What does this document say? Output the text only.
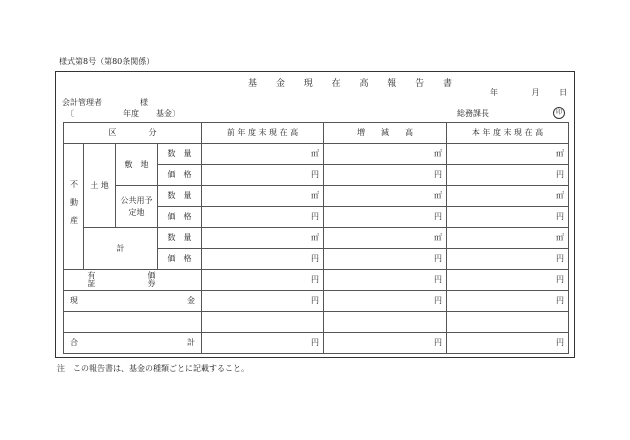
様式第8号（第80条関係）
基 金 現 在 高 報 告 書
年	月 日
会計管理者	様
〔	年度 基金〕	総務課長	印
区　　　　分				前 年 度 末 現 在 高	増　　減　　高	本 年 度 末 現 在 高

不動産	土 地	敷　地	数　量	㎡	㎡	㎡
			価　格	円	円	円

		公共用予定地	数　量	㎡	㎡	㎡
			価　格	円	円	円
	計		数　量	㎡	㎡	㎡
			価　格	円	円	円
有　価　証　券				円	円	円
現 金				円	円	円

合 計				円	円	円
注　この報告書は、基金の種類ごとに記載すること。
